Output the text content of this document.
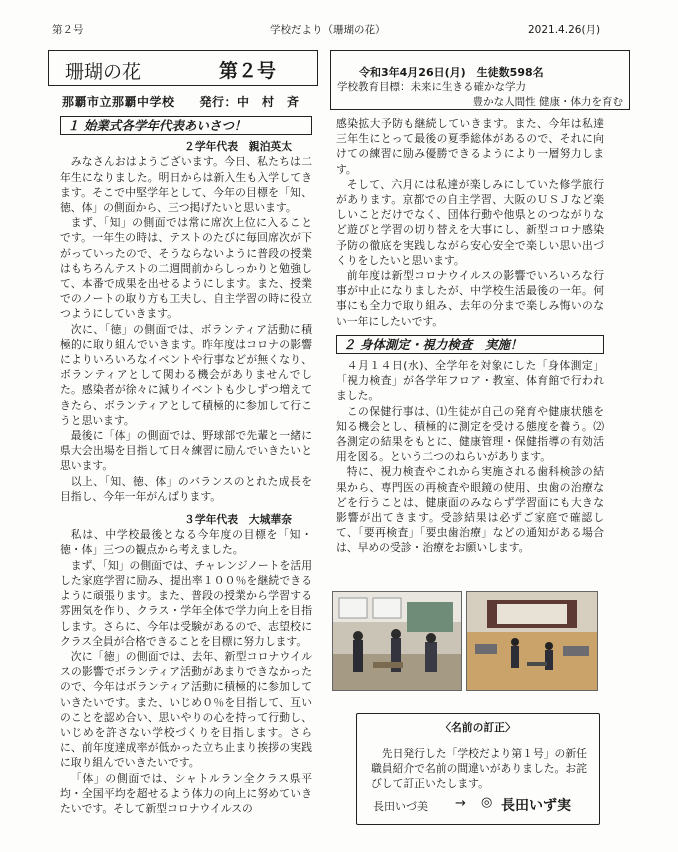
第２号	学校だより（珊瑚の花）	2021.4.26(月)
珊瑚の花	第２号
那覇市立那覇中学校　　発行：中　村　斉
令和3年4月26日(月)　生徒数598名
学校教育目標：未来に生きる確かな学力
豊かな人間性 健康・体力を育む
１ 始業式各学年代表あいさつ！
２学年代表　親泊英太

みなさんおはようございます。今日、私たちは二年生になりました。明日からは新入生も入学してきます。そこで中堅学年として、今年の目標を「知、徳、体」の側面から、三つ掲げたいと思います。

まず、「知」の側面では常に席次上位に入ることです。一年生の時は、テストのたびに毎回席次が下がっていったので、そうならないように普段の授業はもちろんテストの二週間前からしっかりと勉強して、本番で成果を出せるようにします。また、授業でのノートの取り方も工夫し、自主学習の時に役立つようにしていきます。

次に、「徳」の側面では、ボランティア活動に積極的に取り組んでいきます。昨年度はコロナの影響によりいろいろなイベントや行事などが無くなり、ボランティアとして関わる機会がありませんでした。感染者が徐々に減りイベントも少しずつ増えてきたら、ボランティアとして積極的に参加して行こうと思います。

最後に「体」の側面では、野球部で先輩と一緒に県大会出場を目指して日々練習に励んでいきたいと思います。

以上、「知、徳、体」のバランスのとれた成長を目指し、今年一年がんばります。

３学年代表　大城華奈

私は、中学校最後となる今年度の目標を「知・徳・体」三つの観点から考えました。

まず、「知」の側面では、チャレンジノートを活用した家庭学習に励み、提出率１００％を継続できるように頑張ります。また、普段の授業から学習する雰囲気を作り、クラス・学年全体で学力向上を目指します。さらに、今年は受験があるので、志望校にクラス全員が合格できることを目標に努力します。

次に「徳」の側面では、去年、新型コロナウイルスの影響でボランティア活動があまりできなかったので、今年はボランティア活動に積極的に参加していきたいです。また、いじめ０％を目指して、互いのことを認め合い、思いやりの心を持って行動し、いじめを許さない学校づくりを目指します。さらに、前年度達成率が低かった立ち止まり挨拶の実践に取り組んでいきたいです。

「体」の側面では、シャトルラン全クラス県平均・全国平均を超せるよう体力の向上に努めていきたいです。そして新型コロナウイルスの

感染拡大予防も継続していきます。また、今年は私達三年生にとって最後の夏季総体があるので、それに向けての練習に励み優勝できるようにより一層努力します。

そして、六月には私達が楽しみにしていた修学旅行があります。京都での自主学習、大阪のＵＳＪなど楽しいことだけでなく、団体行動や他県とのつながりなど遊びと学習の切り替えを大事にし、新型コロナ感染予防の徹底を実践しながら安心安全で楽しい思い出づくりをしたいと思います。

前年度は新型コロナウイルスの影響でいろいろな行事が中止になりましたが、中学校生活最後の一年。何事にも全力で取り組み、去年の分まで楽しみ悔いのない一年にしたいです。

２ 身体測定・視力検査　実施！

４月１４日(水)、全学年を対象にした「身体測定」「視力検査」が各学年フロア・教室、体育館で行われました。

この保健行事は、⑴生徒が自己の発育や健康状態を知る機会とし、積極的に測定を受ける態度を養う。⑵各測定の結果をもとに、健康管理・保健指導の有効活用を図る。という二つのねらいがあります。

特に、視力検査やこれから実施される歯科検診の結果から、専門医の再検査や眼鏡の使用、虫歯の治療などを行うことは、健康面のみならず学習面にも大きな影響が出てきます。受診結果は必ずご家庭で確認して、「要再検査」「要虫歯治療」などの通知がある場合は、早めの受診・治療をお願いします。

〈名前の訂正〉
先日発行した「学校だより第１号」の新任職員紹介で名前の間違いがありました。お詫びして訂正いたします。
長田いづ美 → ◎ 長田いず実
